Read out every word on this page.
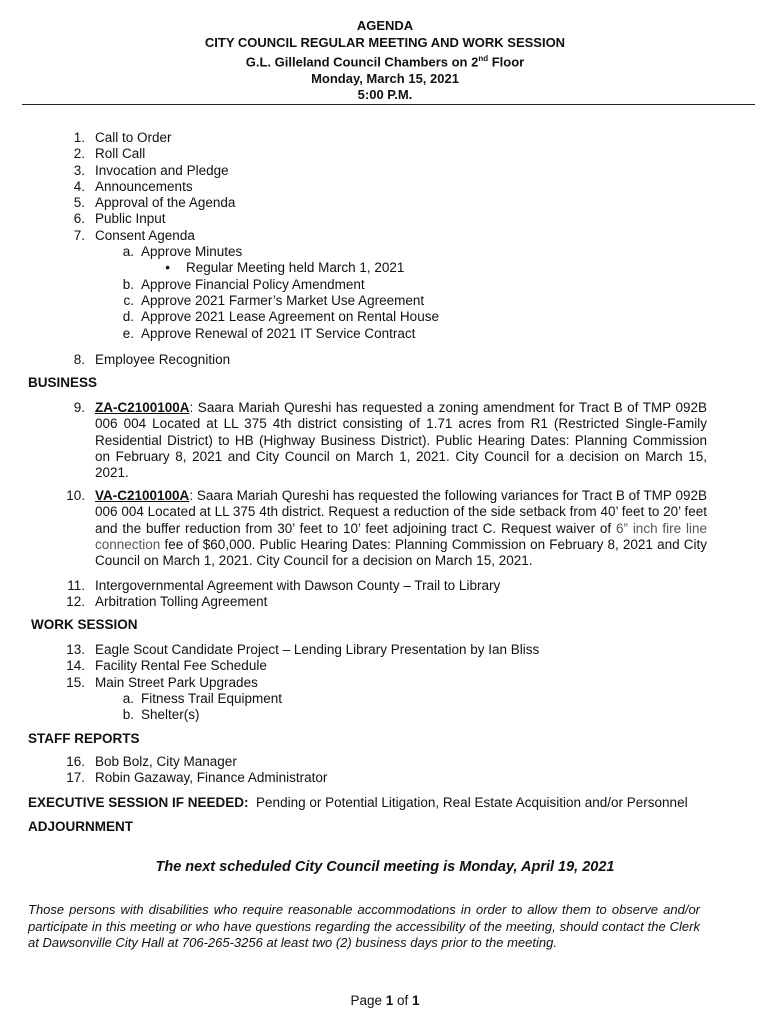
AGENDA
CITY COUNCIL REGULAR MEETING AND WORK SESSION
G.L. Gilleland Council Chambers on 2nd Floor
Monday, March 15, 2021
5:00 P.M.
1. Call to Order
2. Roll Call
3. Invocation and Pledge
4. Announcements
5. Approval of the Agenda
6. Public Input
7. Consent Agenda
a. Approve Minutes
• Regular Meeting held March 1, 2021
b. Approve Financial Policy Amendment
c. Approve 2021 Farmer’s Market Use Agreement
d. Approve 2021 Lease Agreement on Rental House
e. Approve Renewal of 2021 IT Service Contract
8. Employee Recognition
BUSINESS
9. ZA-C2100100A: Saara Mariah Qureshi has requested a zoning amendment for Tract B of TMP 092B 006 004 Located at LL 375 4th district consisting of 1.71 acres from R1 (Restricted Single-Family Residential District) to HB (Highway Business District). Public Hearing Dates: Planning Commission on February 8, 2021 and City Council on March 1, 2021. City Council for a decision on March 15, 2021.
10. VA-C2100100A: Saara Mariah Qureshi has requested the following variances for Tract B of TMP 092B 006 004 Located at LL 375 4th district. Request a reduction of the side setback from 40’ feet to 20’ feet and the buffer reduction from 30’ feet to 10’ feet adjoining tract C. Request waiver of 6” inch fire line connection fee of $60,000. Public Hearing Dates: Planning Commission on February 8, 2021 and City Council on March 1, 2021. City Council for a decision on March 15, 2021.
11. Intergovernmental Agreement with Dawson County – Trail to Library
12. Arbitration Tolling Agreement
WORK SESSION
13. Eagle Scout Candidate Project – Lending Library Presentation by Ian Bliss
14. Facility Rental Fee Schedule
15. Main Street Park Upgrades
a. Fitness Trail Equipment
b. Shelter(s)
STAFF REPORTS
16. Bob Bolz, City Manager
17. Robin Gazaway, Finance Administrator
EXECUTIVE SESSION IF NEEDED:  Pending or Potential Litigation, Real Estate Acquisition and/or Personnel
ADJOURNMENT
The next scheduled City Council meeting is Monday, April 19, 2021
Those persons with disabilities who require reasonable accommodations in order to allow them to observe and/or participate in this meeting or who have questions regarding the accessibility of the meeting, should contact the Clerk at Dawsonville City Hall at 706-265-3256 at least two (2) business days prior to the meeting.
Page 1 of 1
